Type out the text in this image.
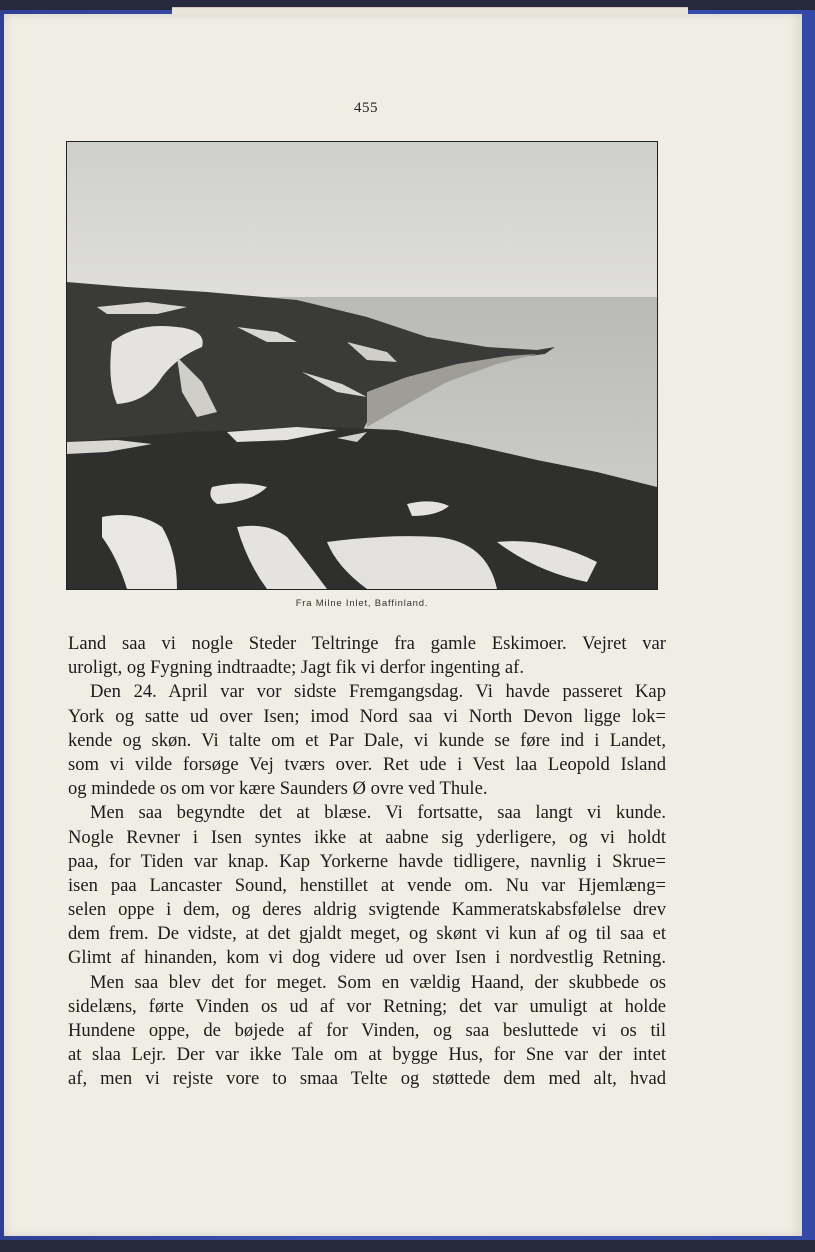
455
Fra Milne Inlet, Baffinland.
Land saa vi nogle Steder Teltringe fra gamle Eskimoer. Vejret var
uroligt, og Fygning indtraadte; Jagt fik vi derfor ingenting af.
Den 24. April var vor sidste Fremgangsdag. Vi havde passeret Kap
York og satte ud over Isen; imod Nord saa vi North Devon ligge lok=
kende og skøn. Vi talte om et Par Dale, vi kunde se føre ind i Landet,
som vi vilde forsøge Vej tværs over. Ret ude i Vest laa Leopold Island
og mindede os om vor kære Saunders Ø ovre ved Thule.
Men saa begyndte det at blæse. Vi fortsatte, saa langt vi kunde.
Nogle Revner i Isen syntes ikke at aabne sig yderligere, og vi holdt
paa, for Tiden var knap. Kap Yorkerne havde tidligere, navnlig i Skrue=
isen paa Lancaster Sound, henstillet at vende om. Nu var Hjemlæng=
selen oppe i dem, og deres aldrig svigtende Kammeratskabsfølelse drev
dem frem. De vidste, at det gjaldt meget, og skønt vi kun af og til saa et
Glimt af hinanden, kom vi dog videre ud over Isen i nordvestlig Retning.
Men saa blev det for meget. Som en vældig Haand, der skubbede os
sidelæns, førte Vinden os ud af vor Retning; det var umuligt at holde
Hundene oppe, de bøjede af for Vinden, og saa besluttede vi os til
at slaa Lejr. Der var ikke Tale om at bygge Hus, for Sne var der intet
af, men vi rejste vore to smaa Telte og støttede dem med alt, hvad
